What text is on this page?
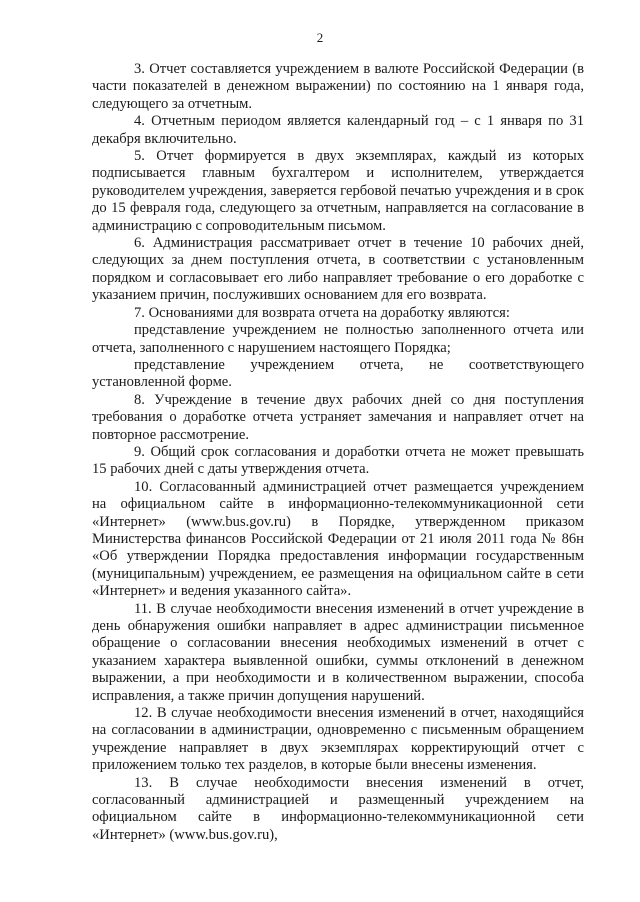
2

3. Отчет составляется учреждением в валюте Российской Федерации (в части показателей в денежном выражении) по состоянию на 1 января года, следующего за отчетным.

4. Отчетным периодом является календарный год – с 1 января по 31 декабря включительно.

5. Отчет формируется в двух экземплярах, каждый из которых подписывается главным бухгалтером и исполнителем, утверждается руководителем учреждения, заверяется гербовой печатью учреждения и в срок до 15 февраля года, следующего за отчетным, направляется на согласование в администрацию с сопроводительным письмом.

6. Администрация рассматривает отчет в течение 10 рабочих дней, следующих за днем поступления отчета, в соответствии с установленным порядком и согласовывает его либо направляет требование о его доработке с указанием причин, послуживших основанием для его возврата.

7. Основаниями для возврата отчета на доработку являются:

представление учреждением не полностью заполненного отчета или отчета, заполненного с нарушением настоящего Порядка;

представление учреждением отчета, не соответствующего установленной форме.

8. Учреждение в течение двух рабочих дней со дня поступления требования о доработке отчета устраняет замечания и направляет отчет на повторное рассмотрение.

9. Общий срок согласования и доработки отчета не может превышать 15 рабочих дней с даты утверждения отчета.

10. Согласованный администрацией отчет размещается учреждением на официальном сайте в информационно-телекоммуникационной сети «Интернет» (www.bus.gov.ru) в Порядке, утвержденном приказом Министерства финансов Российской Федерации от 21 июля 2011 года № 86н «Об утверждении Порядка предоставления информации государственным (муниципальным) учреждением, ее размещения на официальном сайте в сети «Интернет» и ведения указанного сайта».

11. В случае необходимости внесения изменений в отчет учреждение в день обнаружения ошибки направляет в адрес администрации письменное обращение о согласовании внесения необходимых изменений в отчет с указанием характера выявленной ошибки, суммы отклонений в денежном выражении, а при необходимости и в количественном выражении, способа исправления, а также причин допущения нарушений.

12. В случае необходимости внесения изменений в отчет, находящийся на согласовании в администрации, одновременно с письменным обращением учреждение направляет в двух экземплярах корректирующий отчет с приложением только тех разделов, в которые были внесены изменения.

13. В случае необходимости внесения изменений в отчет, согласованный администрацией и размещенный учреждением на официальном сайте в информационно-телекоммуникационной сети «Интернет» (www.bus.gov.ru),
